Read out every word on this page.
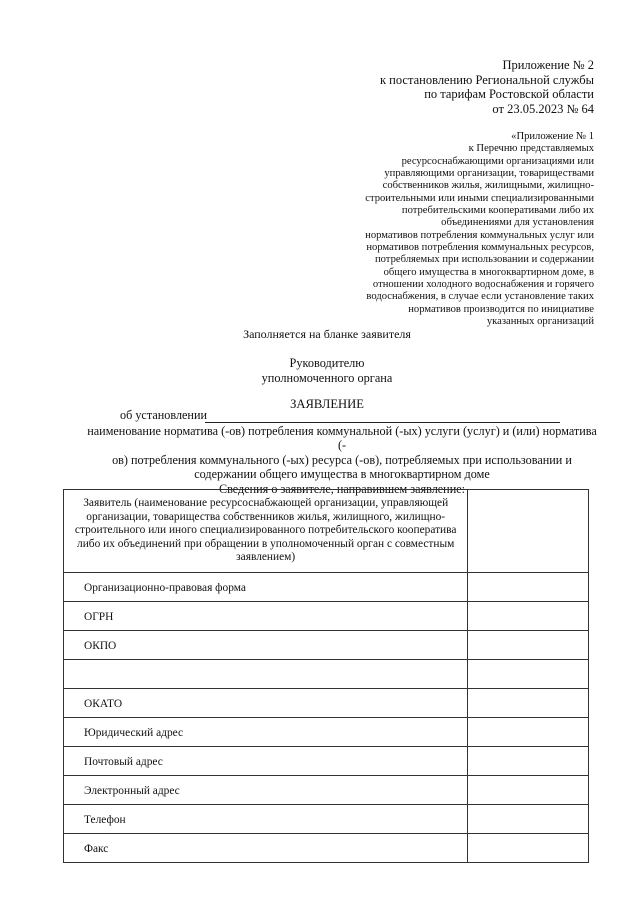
Приложение № 2
к постановлению Региональной службы
по тарифам Ростовской области
от 23.05.2023 № 64
«Приложение № 1
к Перечню представляемых
ресурсоснабжающими организациями или
управляющими организации, товариществами
собственников жилья, жилищными, жилищно-
строительными или иными специализированными
потребительскими кооперативами либо их
объединениями для установления
нормативов потребления коммунальных услуг или
нормативов потребления коммунальных ресурсов,
потребляемых при использовании и содержании
общего имущества в многоквартирном доме, в
отношении холодного водоснабжения и горячего
водоснабжения, в случае если установление таких
нормативов производится по инициативе
указанных организаций
Заполняется на бланке заявителя
Руководителю
уполномоченного органа
ЗАЯВЛЕНИЕ
об установлении
наименование норматива (-ов) потребления коммунальной (-ых) услуги (услуг) и (или) норматива (-
ов) потребления коммунального (-ых) ресурса (-ов), потребляемых при использовании и
содержании общего имущества в многоквартирном доме
Сведения о заявителе, направившем заявление:
Заявитель (наименование ресурсоснабжающей организации, управляющей организации, товарищества собственников жилья, жилищного, жилищно-строительного или иного специализированного потребительского кооператива либо их объединений при обращении в уполномоченный орган с совместным заявлением)	
Организационно-правовая форма	
ОГРН	
ОКПО	

ОКАТО	
Юридический адрес	
Почтовый адрес	
Электронный адрес	
Телефон	
Факс	
